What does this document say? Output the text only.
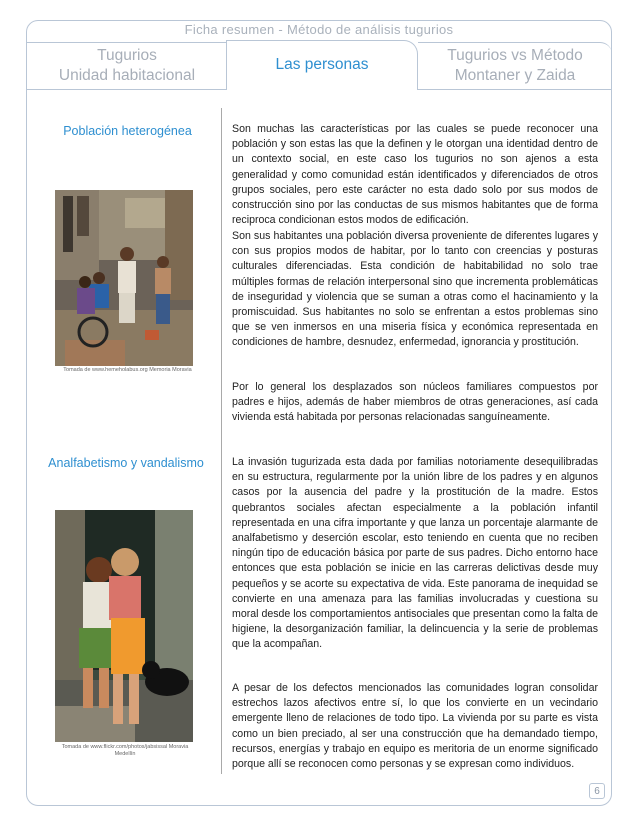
Ficha resumen - Método de análisis tugurios
Tugurios
Unidad habitacional
Tugurios vs Método
Montaner y Zaida
Las personas
Población heterogénea
Tomada de www.hemeholabus.org Memoria Moravia

Son muchas las características por las cuales se puede reconocer una población y son estas las que la definen y le otorgan una identidad dentro de un contexto social, en este caso los tugurios no son ajenos a esta generalidad y como comunidad están identificados y diferenciados de otros grupos sociales, pero este carácter no esta dado solo por sus modos de construcción sino por las conductas de sus mismos habitantes que de forma reciproca condicionan estos modos de edificación.

Son sus habitantes una población diversa proveniente de diferentes lugares y con sus propios modos de habitar, por lo tanto con creencias y posturas culturales diferenciadas. Esta condición de habitabilidad no solo trae múltiples formas de relación interpersonal sino que incrementa problemáticas de inseguridad y violencia que se suman a otras como el hacinamiento y la promiscuidad. Sus habitantes no solo se enfrentan a estos problemas sino que se ven inmersos en una miseria física y económica representada en condiciones de hambre, desnudez, enfermedad, ignorancia y prostitución.

Por lo general los desplazados son núcleos familiares compuestos por padres e hijos, además de haber miembros de otras generaciones, así cada vivienda está habitada por personas relacionadas sanguíneamente.

Analfabetismo y vandalismo
Tomada de www.flickr.com/photos/jabsissal Moravia Medellín

La invasión tugurizada esta dada por familias notoriamente desequilibradas en su estructura, regularmente por la unión libre de los padres y en algunos casos por la ausencia del padre y la prostitución de la madre. Estos quebrantos sociales afectan especialmente a la población infantil representada en una cifra importante y que lanza un porcentaje alarmante de analfabetismo y deserción escolar, esto teniendo en cuenta que no reciben ningún tipo de educación básica por parte de sus padres. Dicho entorno hace entonces que esta población se inicie en las carreras delictivas desde muy pequeños y se acorte su expectativa de vida. Este panorama de inequidad se convierte en una amenaza para las familias involucradas y cuestiona su moral desde los comportamientos antisociales que presentan como la falta de higiene, la desorganización familiar, la delincuencia y la serie de problemas que la acompañan.

A pesar de los defectos mencionados las comunidades logran consolidar estrechos lazos afectivos entre sí, lo que los convierte en un vecindario emergente lleno de relaciones de todo tipo. La vivienda por su parte es vista como un bien preciado, al ser una construcción que ha demandado tiempo, recursos, energías y trabajo en equipo es meritoria de un enorme significado porque allí se reconocen como personas y se expresan como individuos.

6
